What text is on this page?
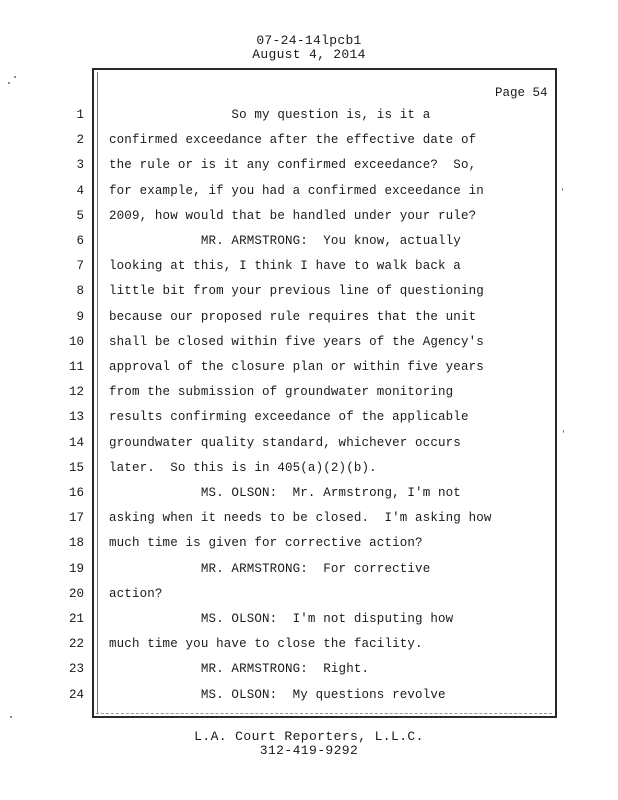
07-24-14lpcb1
August 4, 2014
Page 54
1 So my question is, is it a
2 confirmed exceedance after the effective date of
3 the rule or is it any confirmed exceedance?  So,
4 for example, if you had a confirmed exceedance in
5 2009, how would that be handled under your rule?
6 MR. ARMSTRONG:  You know, actually
7 looking at this, I think I have to walk back a
8 little bit from your previous line of questioning
9 because our proposed rule requires that the unit
10 shall be closed within five years of the Agency's
11 approval of the closure plan or within five years
12 from the submission of groundwater monitoring
13 results confirming exceedance of the applicable
14 groundwater quality standard, whichever occurs
15 later.  So this is in 405(a)(2)(b).
16 MS. OLSON:  Mr. Armstrong, I'm not
17 asking when it needs to be closed.  I'm asking how
18 much time is given for corrective action?
19 MR. ARMSTRONG:  For corrective
20 action?
21 MS. OLSON:  I'm not disputing how
22 much time you have to close the facility.
23 MR. ARMSTRONG:  Right.
24 MS. OLSON:  My questions revolve
L.A. Court Reporters, L.L.C.
312-419-9292
